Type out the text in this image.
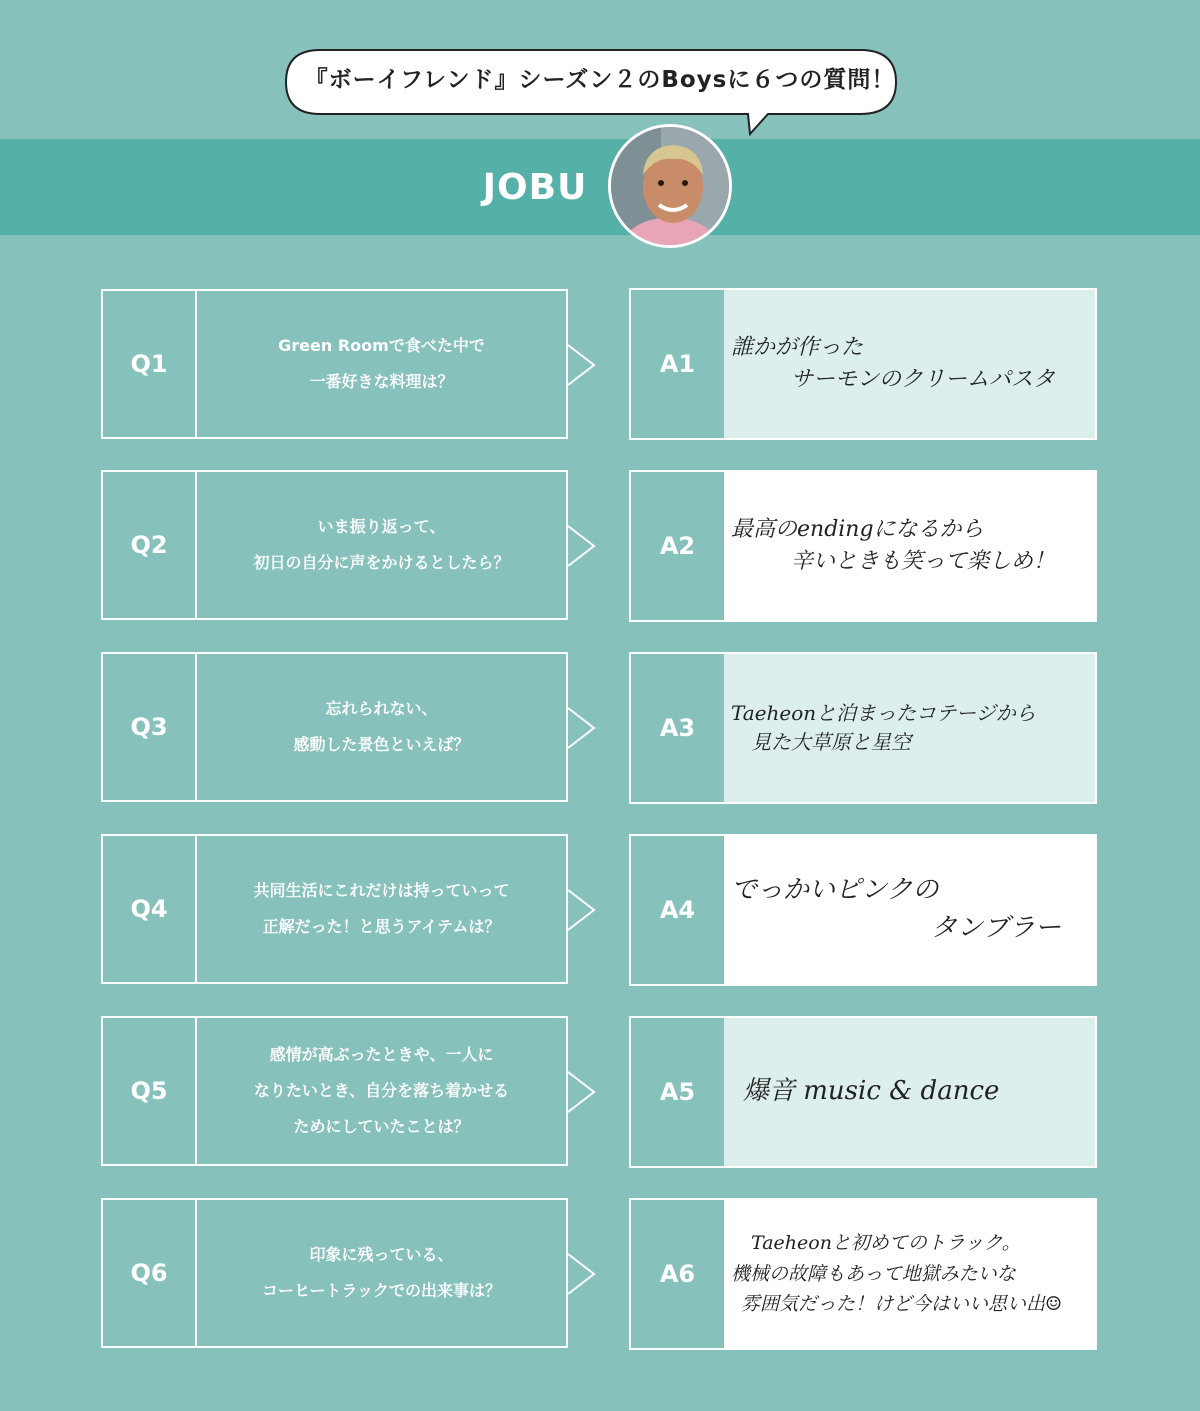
『ボーイフレンド』シーズン２のBoysに６つの質問！
JOBU
Q1
Green Roomで食べた中で
一番好きな料理は？
A1
誰かが作った
サーモンのクリームパスタ
Q2
いま振り返って、
初日の自分に声をかけるとしたら？
A2
最高のendingになるから
辛いときも笑って楽しめ！
Q3
忘れられない、
感動した景色といえば？
A3
Taeheonと泊まったコテージから
見た大草原と星空
Q4
共同生活にこれだけは持っていって
正解だった！と思うアイテムは？
A4
でっかいピンクの
タンブラー
Q5
感情が高ぶったときや、一人に
なりたいとき、自分を落ち着かせる
ためにしていたことは？
A5	爆音 music & dance
Q6
印象に残っている、
コーヒートラックでの出来事は？
A6
Taeheonと初めてのトラック。
機械の故障もあって地獄みたいな
雰囲気だった！けど今はいい思い出☺
